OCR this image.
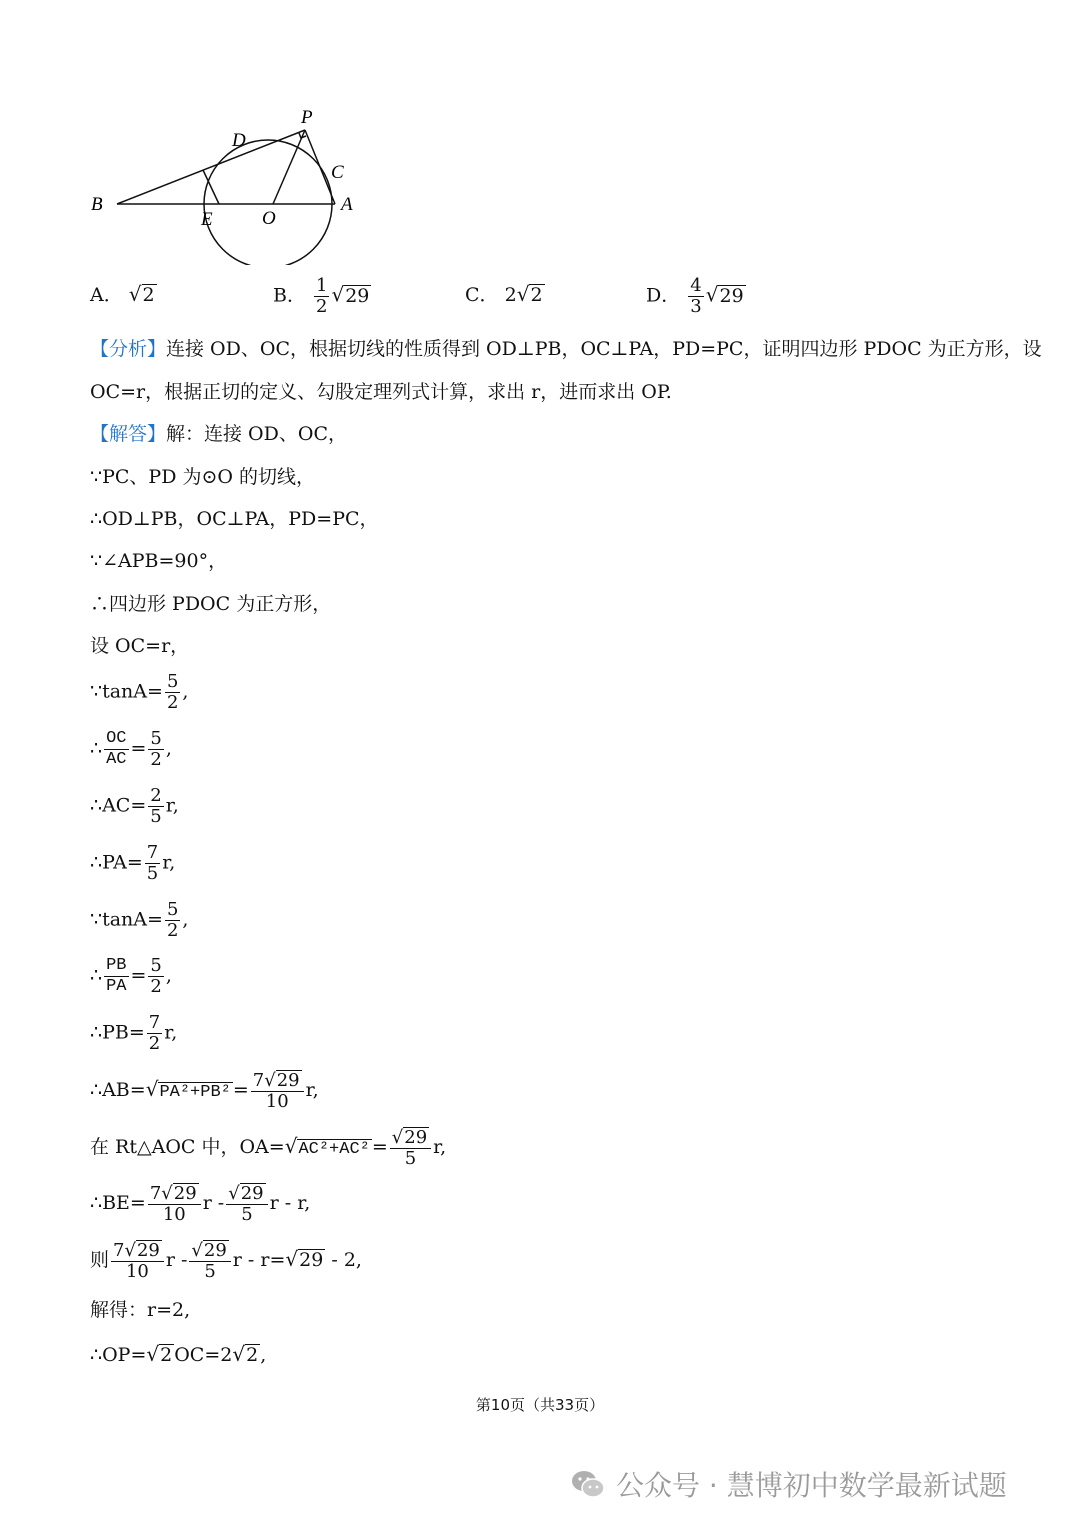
B
D
P
C
A
E	O
A． √2	B． $\frac{1}{2} √29$	C． 2√2	D． $\frac{4}{3} √29$
【分析】连接 OD、OC，根据切线的性质得到 OD⊥PB，OC⊥PA，PD=PC，证明四边形 PDOC 为正方形，设
OC=r，根据正切的定义、勾股定理列式计算，求出 r，进而求出 OP.
【解答】解：连接 OD、OC，
∵PC、PD 为⊙O 的切线，
∴OD⊥PB，OC⊥PA，PD=PC，
∵∠APB=90°，
∴四边形 PDOC 为正方形，
设 OC=r，
∵tanA= $\frac{5}{2}$ ,
∴ $\frac{OC}{AC} = \frac{5}{2}$ ,
∴AC= $\frac{2}{5} r$,
∴PA= $\frac{7}{5} r$,
∵tanA= $\frac{5}{2}$ ,
∴ $\frac{PB}{PA} = \frac{5}{2}$ ,
∴PB= $\frac{7}{2} r$,
∴AB=√PA²+PB² = $\frac{7√29}{10} r$,
在 Rt△AOC 中，$OA=√AC^2+AC^2 = \frac{√29}{5} r$,
∴BE= $\frac{7√29}{10}$ r - $\frac{√29}{5}$ r - r,
则 $\frac{7√29}{10}$ r - $\frac{√29}{5}$ r - r=√29 - 2,
解得：r=2,
∴OP=√2 OC=2√2 ,
第10页（共33页）
公众号 · 慧博初中数学最新试题
